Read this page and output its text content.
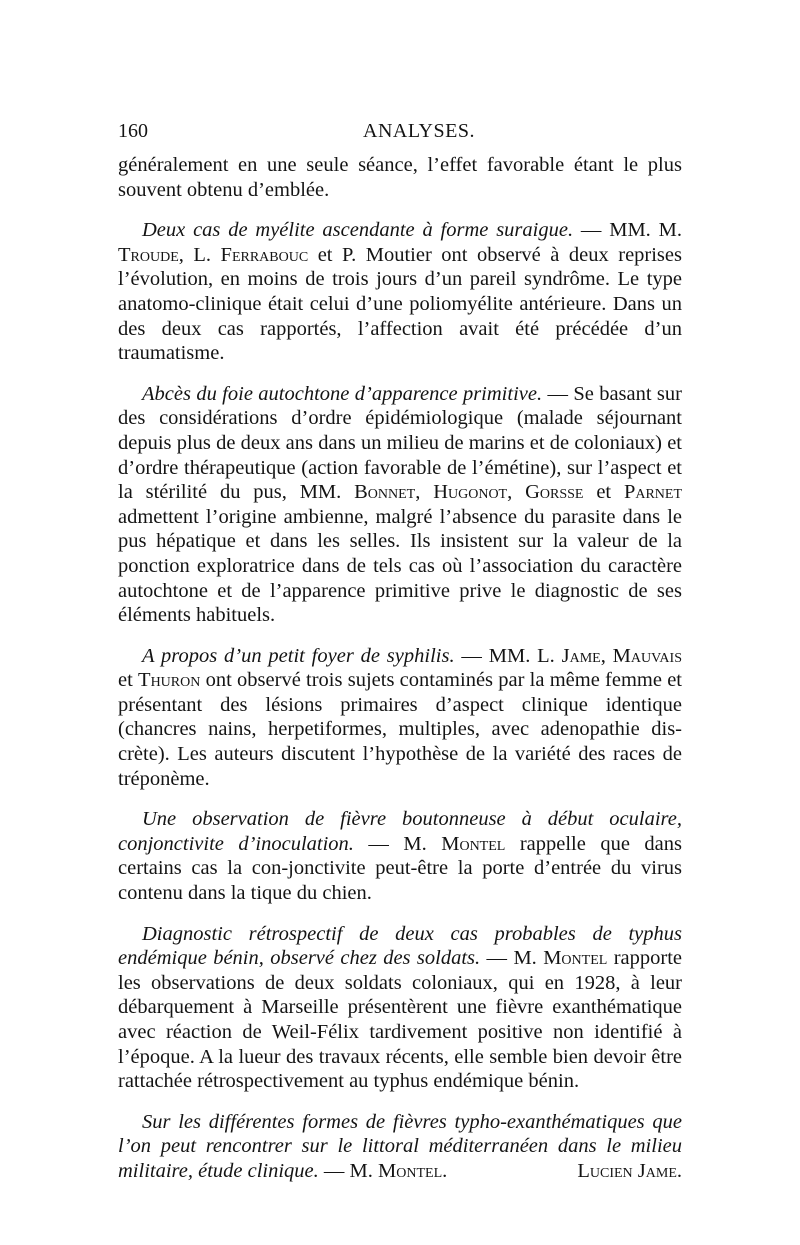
160	ANALYSES.

généralement en une seule séance, l’effet favorable étant le plus souvent obtenu d’emblée.

Deux cas de myélite ascendante à forme suraigue. — MM. M. Troude, L. Ferrabouc et P. Moutier ont observé à deux reprises l’évolution, en moins de trois jours d’un pareil syndrôme. Le type anatomo-clinique était celui d’une poliomyélite antérieure. Dans un des deux cas rapportés, l’affection avait été précédée d’un traumatisme.

Abcès du foie autochtone d’apparence primitive. — Se basant sur des considérations d’ordre épidémiologique (malade séjournant depuis plus de deux ans dans un milieu de marins et de coloniaux) et d’ordre thérapeutique (action favorable de l’émétine), sur l’aspect et la stérilité du pus, MM. Bonnet, Hugonot, Gorsse et Parnet admettent l’origine ambienne, malgré l’absence du parasite dans le pus hépatique et dans les selles. Ils insistent sur la valeur de la ponction exploratrice dans de tels cas où l’association du caractère autochtone et de l’apparence primitive prive le diagnostic de ses éléments habituels.

A propos d’un petit foyer de syphilis. — MM. L. Jame, Mauvais et Thuron ont observé trois sujets contaminés par la même femme et présentant des lésions primaires d’aspect clinique identique (chancres nains, herpetiformes, multiples, avec adenopathie dis-crète). Les auteurs discutent l’hypothèse de la variété des races de tréponème.

Une observation de fièvre boutonneuse à début oculaire, conjonctivite d’inoculation. — M. Montel rappelle que dans certains cas la con-jonctivite peut-être la porte d’entrée du virus contenu dans la tique du chien.

Diagnostic rétrospectif de deux cas probables de typhus endémique bénin, observé chez des soldats. — M. Montel rapporte les observations de deux soldats coloniaux, qui en 1928, à leur débarquement à Marseille présentèrent une fièvre exanthématique avec réaction de Weil-Félix tardivement positive non identifié à l’époque. A la lueur des travaux récents, elle semble bien devoir être rattachée rétrospectivement au typhus endémique bénin.

Sur les différentes formes de fièvres typho-exanthématiques que l’on peut rencontrer sur le littoral méditerranéen dans le milieu militaire, étude clinique. — M. Montel.	Lucien Jame.
